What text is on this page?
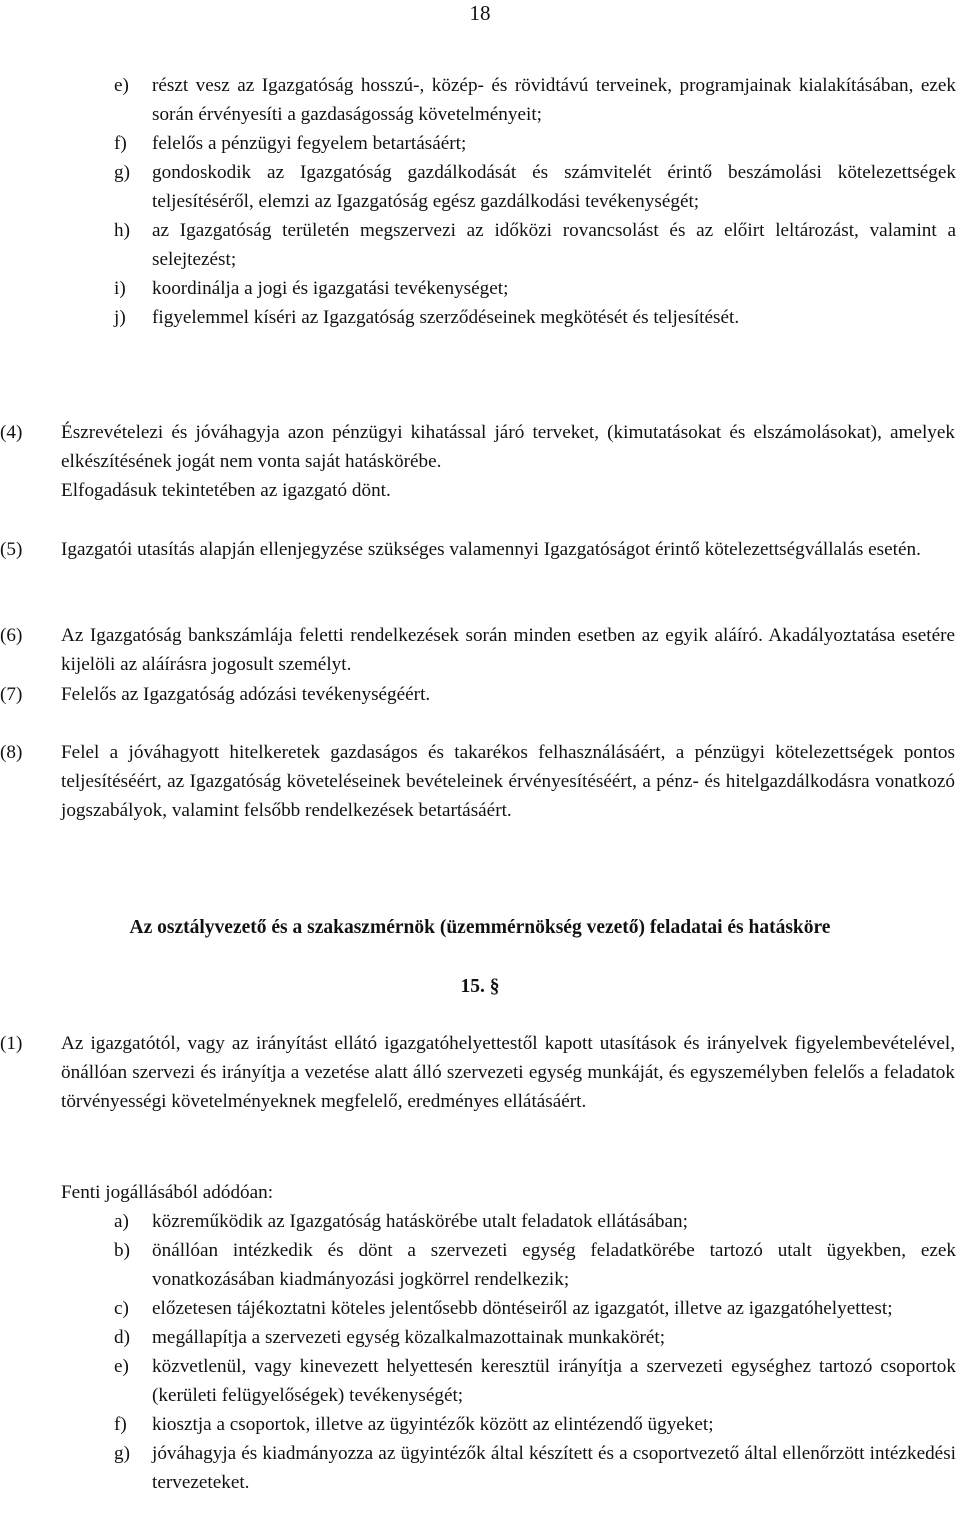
18
e)	részt vesz az Igazgatóság hosszú-, közép- és rövidtávú terveinek, programjainak kialakításában, ezek során érvényesíti a gazdaságosság követelményeit;
f)	felelős a pénzügyi fegyelem betartásáért;
g)	gondoskodik az Igazgatóság gazdálkodását és számvitelét érintő beszámolási kötelezettségek teljesítéséről, elemzi az Igazgatóság egész gazdálkodási tevékenységét;
h)	az Igazgatóság területén megszervezi az időközi rovancsolást és az előirt leltározást, valamint a selejtezést;
i)	koordinálja a jogi és igazgatási tevékenységet;
j)	figyelemmel kíséri az Igazgatóság szerződéseinek megkötését és teljesítését.
(4)	Észrevételezi és jóváhagyja azon pénzügyi kihatással járó terveket, (kimutatásokat és elszámolásokat), amelyek elkészítésének jogát nem vonta saját hatáskörébe.
Elfogadásuk tekintetében az igazgató dönt.
(5)	Igazgatói utasítás alapján ellenjegyzése szükséges valamennyi Igazgatóságot érintő kötelezettségvállalás esetén.
(6)	Az Igazgatóság bankszámlája feletti rendelkezések során minden esetben az egyik aláíró. Akadályoztatása esetére kijelöli az aláírásra jogosult személyt.
(7)	Felelős az Igazgatóság adózási tevékenységéért.
(8)	Felel a jóváhagyott hitelkeretek gazdaságos és takarékos felhasználásáért, a pénzügyi kötelezettségek pontos teljesítéséért, az Igazgatóság követeléseinek bevételeinek érvényesítéséért, a pénz- és hitelgazdálkodásra vonatkozó jogszabályok, valamint felsőbb rendelkezések betartásáért.
Az osztályvezető és a szakaszmérnök (üzemmérnökség vezető) feladatai és hatásköre
15. §
(1)	Az igazgatótól, vagy az irányítást ellátó igazgatóhelyettestől kapott utasítások és irányelvek figyelembevételével, önállóan szervezi és irányítja a vezetése alatt álló szervezeti egység munkáját, és egyszemélyben felelős a feladatok törvényességi követelményeknek megfelelő, eredményes ellátásáért.
Fenti jogállásából adódóan:
a)	közreműködik az Igazgatóság hatáskörébe utalt feladatok ellátásában;
b)	önállóan intézkedik és dönt a szervezeti egység feladatkörébe tartozó utalt ügyekben, ezek vonatkozásában kiadmányozási jogkörrel rendelkezik;
c)	előzetesen tájékoztatni köteles jelentősebb döntéseiről az igazgatót, illetve az igazgatóhelyettest;
d)	megállapítja a szervezeti egység közalkalmazottainak munkakörét;
e)	közvetlenül, vagy kinevezett helyettesén keresztül irányítja a szervezeti egységhez tartozó csoportok (kerületi felügyelőségek) tevékenységét;
f)	kiosztja a csoportok, illetve az ügyintézők között az elintézendő ügyeket;
g)	jóváhagyja és kiadmányozza az ügyintézők által készített és a csoportvezető által ellenőrzött intézkedési tervezeteket.
